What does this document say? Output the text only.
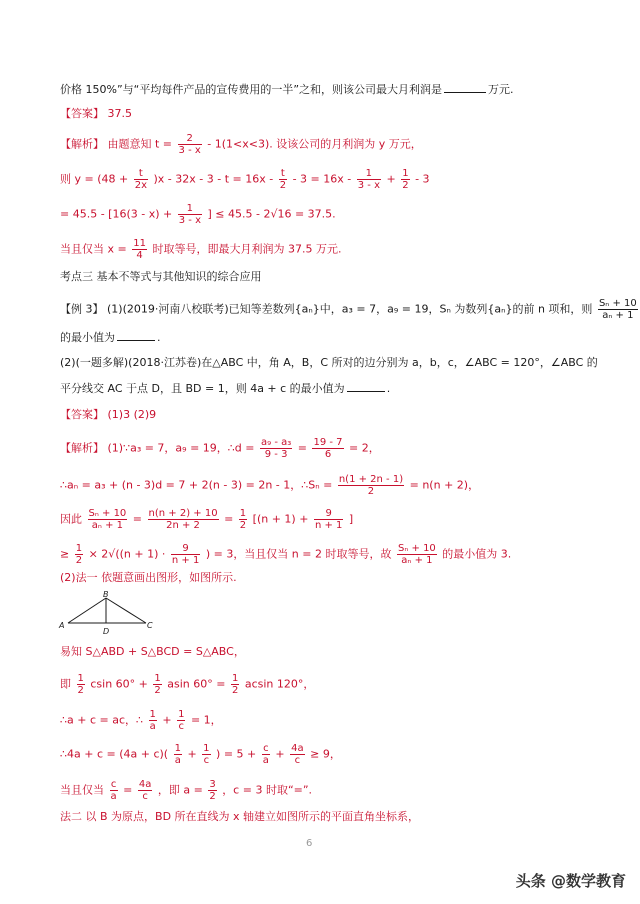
价格 150%”与“平均每件产品的宣传费用的一半”之和，则该公司最大月利润是	万元.
【答案】 37.5
【解析】 由题意知 $t = \frac{2}{3 - x} - 1(1<x<3)$. 设该公司的月利润为 y 万元，
则 $y = (48 + \frac{t}{2x} )x - 32x - 3 - t = 16x - \frac{t}{2} - 3 = 16x - \frac{1}{3 - x} + \frac{1}{2} - 3$
= $45.5 - [16(3 - x) + \frac{1}{3 - x}$ ] ≤ 45.5 - 2√16 = 37.5.
当且仅当 $x = \frac{11}{4}$ 时取等号，即最大月利润为 37.5 万元.
考点三 基本不等式与其他知识的综合应用
【例 3】 (1)(2019·河南八校联考)已知等差数列{aₙ}中，a₃ = 7，a₉ = 19，Sₙ 为数列{aₙ}的前 n 项和，则 $\frac{\text{Sₙ + 10}}{\text{aₙ + 1}}$
的最小值为	.
(2)(一题多解)(2018·江苏卷)在△ABC 中，角 A，B，C 所对的边分别为 a，b，c，∠ABC = 120°，∠ABC 的
平分线交 AC 于点 D，且 BD = 1，则 4a + c 的最小值为	.
【答案】 (1)3 (2)9
【解析】 (1)∵a₃ = 7，a₉ = 19，∴d = $\frac{\text{a₉ - a₃}}{9 - 3} = \frac{19 - 7}{6} = 2$，
∴aₙ = a₃ + (n - 3)d = 7 + 2(n - 3) = 2n - 1，∴Sₙ = $\frac{n(1 + 2n - 1)}{2} = n(n + 2)$，
因此 $\frac{\text{Sₙ + 10}}{\text{aₙ + 1}} = \frac{n(n + 2) + 10}{2n + 2} = \frac{1}{2} [(n + 1) + \frac{9}{n + 1}$ ]
≥ $\frac{1}{2} \times 2√((n + 1) \cdot \frac{9}{n + 1}$ ) = 3，当且仅当 n = 2 时取等号，故 $\frac{\text{Sₙ + 10}}{\text{aₙ + 1}}$ 的最小值为 3.
(2)法一 依题意画出图形，如图所示.
B
A	C
D
易知 S△ABD + S△BCD = S△ABC，
即 $\frac{1}{2}$ csin $60^\circ + \frac{1}{2}$ asin $60^\circ = \frac{1}{2}$ acsin 120°，
∴a + c = ac，∴ $\frac{1}{a} + \frac{1}{c} = 1$，
∴4a + $c = (4a + c)( \frac{1}{a} + \frac{1}{c}$ ) = $5 + \frac{c}{a} + \frac{4a}{c} \ge 9$，
当且仅当 $\frac{c}{a} = \frac{4a}{c}$ ，即 $a = \frac{3}{2}$ ，c = 3 时取“=”.
法二 以 B 为原点，BD 所在直线为 x 轴建立如图所示的平面直角坐标系，
6
头条 @数学教育
